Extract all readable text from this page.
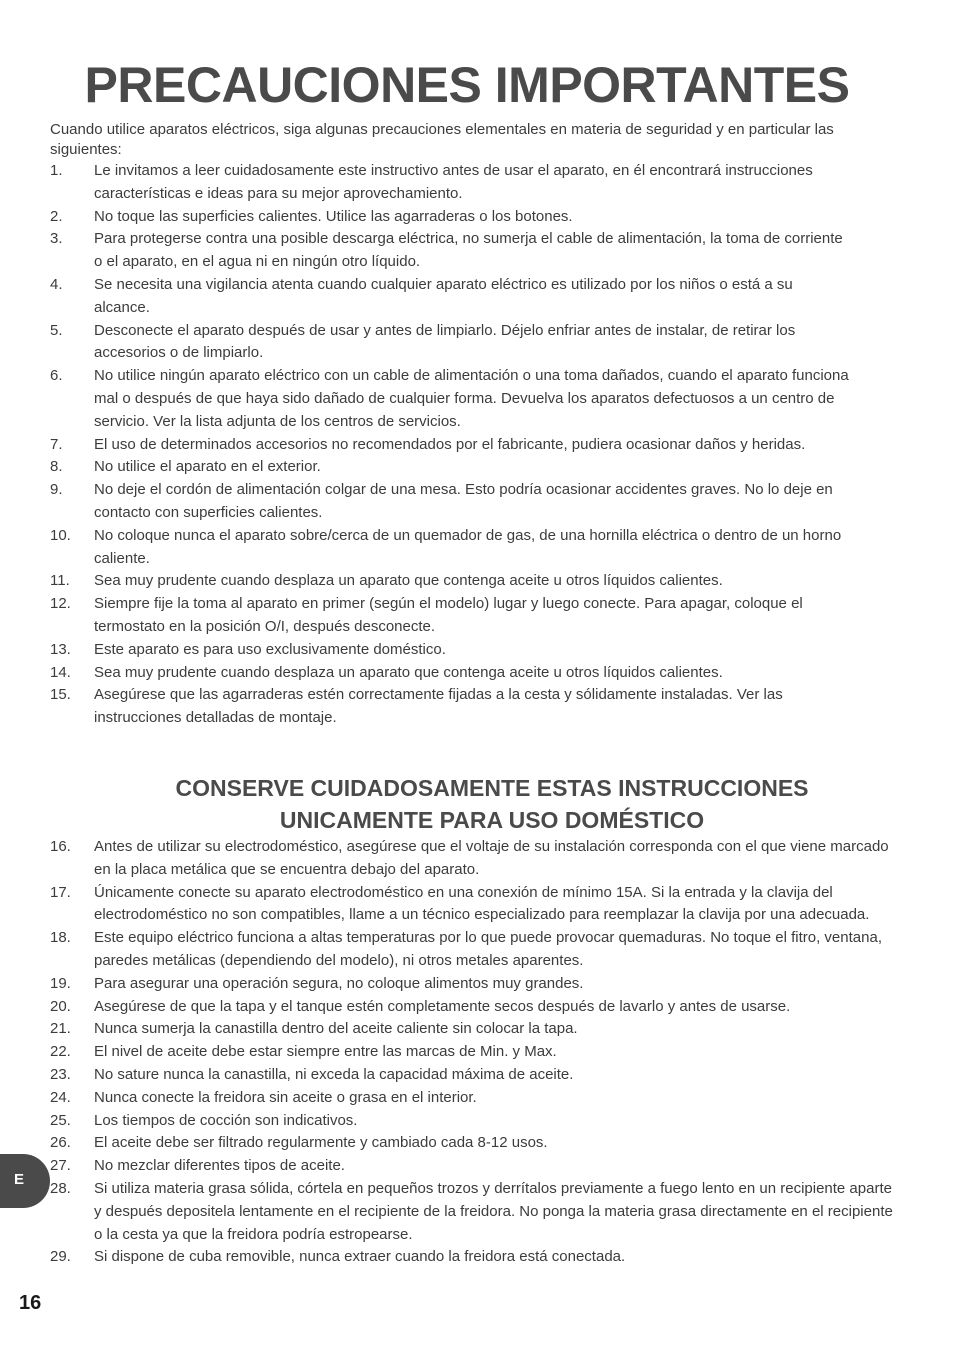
PRECAUCIONES IMPORTANTES
Cuando utilice aparatos eléctricos, siga algunas precauciones elementales en materia de seguridad y en particular las siguientes:
1. Le invitamos a leer cuidadosamente este instructivo antes de usar el aparato, en él encontrará instrucciones características e ideas para su mejor aprovechamiento.
2. No toque las superficies calientes. Utilice las agarraderas o los botones.
3. Para protegerse contra una posible descarga eléctrica, no sumerja el cable de alimentación, la toma de corriente o el aparato, en el agua ni en ningún otro líquido.
4. Se necesita una vigilancia atenta cuando cualquier aparato eléctrico es utilizado por los niños o está a su alcance.
5. Desconecte el aparato después de usar y antes de limpiarlo. Déjelo enfriar antes de instalar, de retirar los accesorios o de limpiarlo.
6. No utilice ningún aparato eléctrico con un cable de alimentación o una toma dañados, cuando el aparato funciona mal o después de que haya sido dañado de cualquier forma. Devuelva los aparatos defectuosos a un centro de servicio. Ver la lista adjunta de los centros de servicios.
7. El uso de determinados accesorios no recomendados por el fabricante, pudiera ocasionar daños y heridas.
8. No utilice el aparato en el exterior.
9. No deje el cordón de alimentación colgar de una mesa. Esto podría ocasionar accidentes graves. No lo deje en contacto con superficies calientes.
10. No coloque nunca el aparato sobre/cerca de un quemador de gas, de una hornilla eléctrica o dentro de un horno caliente.
11. Sea muy prudente cuando desplaza un aparato que contenga aceite u otros líquidos calientes.
12. Siempre fije la toma al aparato en primer (según el modelo) lugar y luego conecte. Para apagar, coloque el termostato en la posición O/I, después desconecte.
13. Este aparato es para uso exclusivamente doméstico.
14. Sea muy prudente cuando desplaza un aparato que contenga aceite u otros líquidos calientes.
15. Asegúrese que las agarraderas estén correctamente fijadas a la cesta y sólidamente instaladas. Ver las instrucciones detalladas de montaje.
CONSERVE CUIDADOSAMENTE ESTAS INSTRUCCIONES
UNICAMENTE PARA USO DOMÉSTICO
16. Antes de utilizar su electrodoméstico, asegúrese que el voltaje de su instalación corresponda con el que viene marcado en la placa metálica que se encuentra debajo del aparato.
17. Únicamente conecte su aparato electrodoméstico en una conexión de mínimo 15A. Si la entrada y la clavija del electrodoméstico no son compatibles, llame a un técnico especializado para reemplazar la clavija por una adecuada.
18. Este equipo eléctrico funciona a altas temperaturas por lo que puede provocar quemaduras. No toque el fitro, ventana, paredes metálicas (dependiendo del modelo), ni otros metales aparentes.
19. Para asegurar una operación segura, no coloque alimentos muy grandes.
20. Asegúrese de que la tapa y el tanque estén completamente secos después de lavarlo y antes de usarse.
21. Nunca sumerja la canastilla dentro del aceite caliente sin colocar la tapa.
22. El nivel de aceite debe estar siempre entre las marcas de Min. y Max.
23. No sature nunca la canastilla, ni exceda la capacidad máxima de aceite.
24. Nunca conecte la freidora sin aceite o grasa en el interior.
25. Los tiempos de cocción son indicativos.
26. El aceite debe ser filtrado regularmente y cambiado cada 8-12 usos.
27. No mezclar diferentes tipos de aceite.
28. Si utiliza materia grasa sólida, córtela en pequeños trozos y derrítalos previamente a fuego lento en un recipiente aparte y después depositela lentamente en el recipiente de la freidora. No ponga la materia grasa directamente en el recipiente o la cesta ya que la freidora podría estropearse.
29. Si dispone de cuba removible, nunca extraer cuando la freidora está conectada.
E
16
